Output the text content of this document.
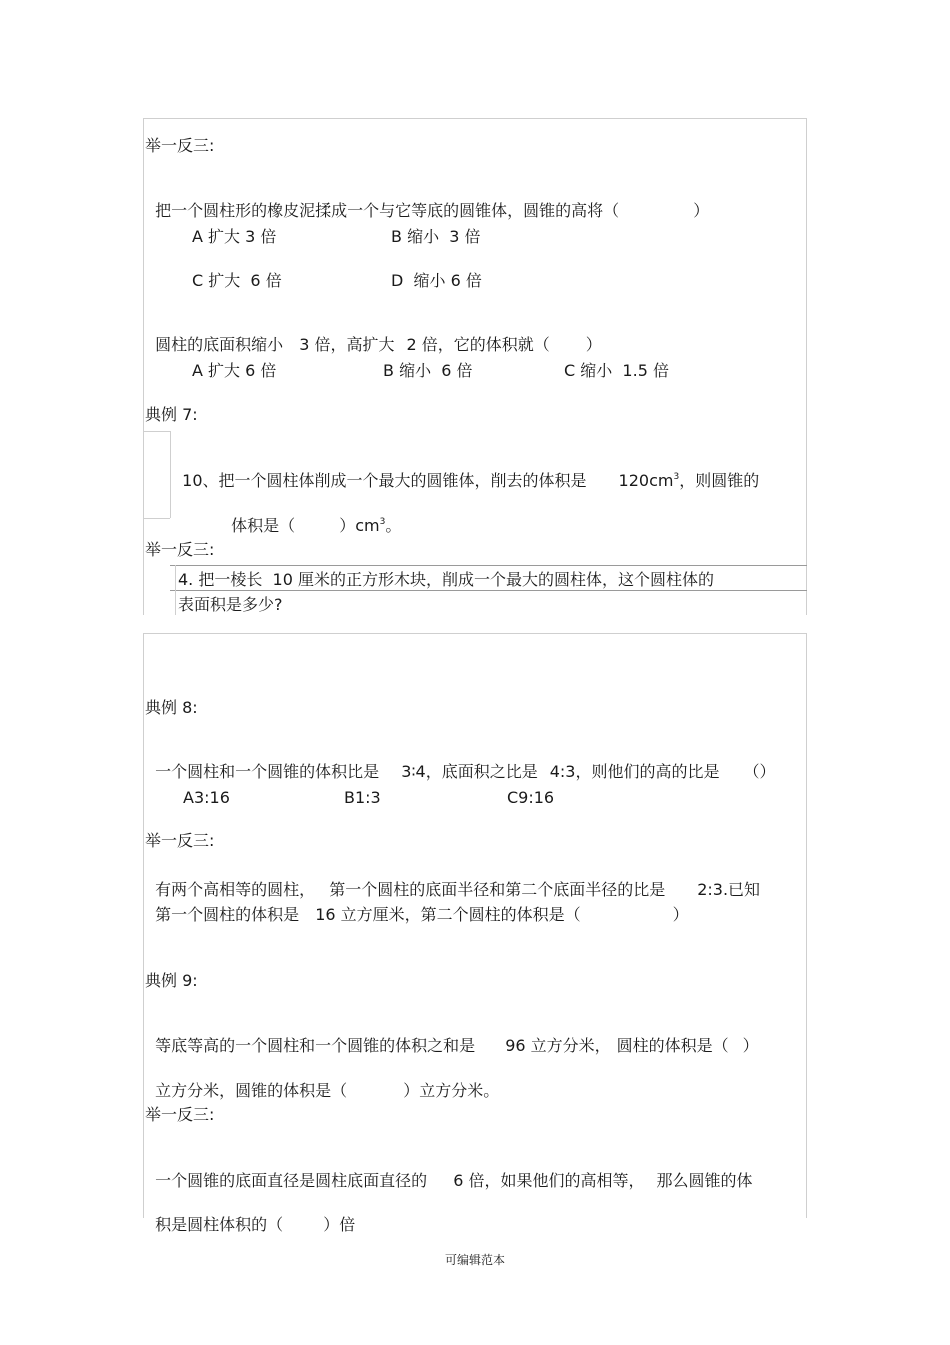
举一反三:

把一个圆柱形的橡皮泥揉成一个与它等底的圆锥体，圆锥的高将（	）

A 扩大 3 倍	B 缩小  3 倍
C 扩大  6 倍	D  缩小 6 倍

圆柱的底面积缩小 3 倍，高扩大 2 倍，它的体积就（ ）

A 扩大 6 倍	B 缩小  6 倍	C 缩小  1.5 倍
典例 7:

10、把一个圆柱体削成一个最大的圆锥体，削去的体积是 $120cm^3$，则圆锥的

体积是（	）$cm^3$。

举一反三:
4. 把一棱长  10 厘米的正方形木块，削成一个最大的圆柱体，这个圆柱体的
表面积是多少?
典例 8:

一个圆柱和一个圆锥的体积比是 3∶4，底面积之比是 4:3，则他们的高的比是 （）

A3:16	B1:3	C9:16
举一反三:

有两个高相等的圆柱， 第一个圆柱的底面半径和第二个底面半径的比是 2:3.已知

第一个圆柱的体积是 16 立方厘米，第二个圆柱的体积是（	）

典例 9:

等底等高的一个圆柱和一个圆锥的体积之和是 96 立方分米， 圆柱的体积是（ ）

立方分米，圆锥的体积是（	）立方分米。

举一反三:

一个圆锥的底面直径是圆柱底面直径的 6 倍，如果他们的高相等， 那么圆锥的体

积是圆柱体积的（	）倍

可编辑范本
